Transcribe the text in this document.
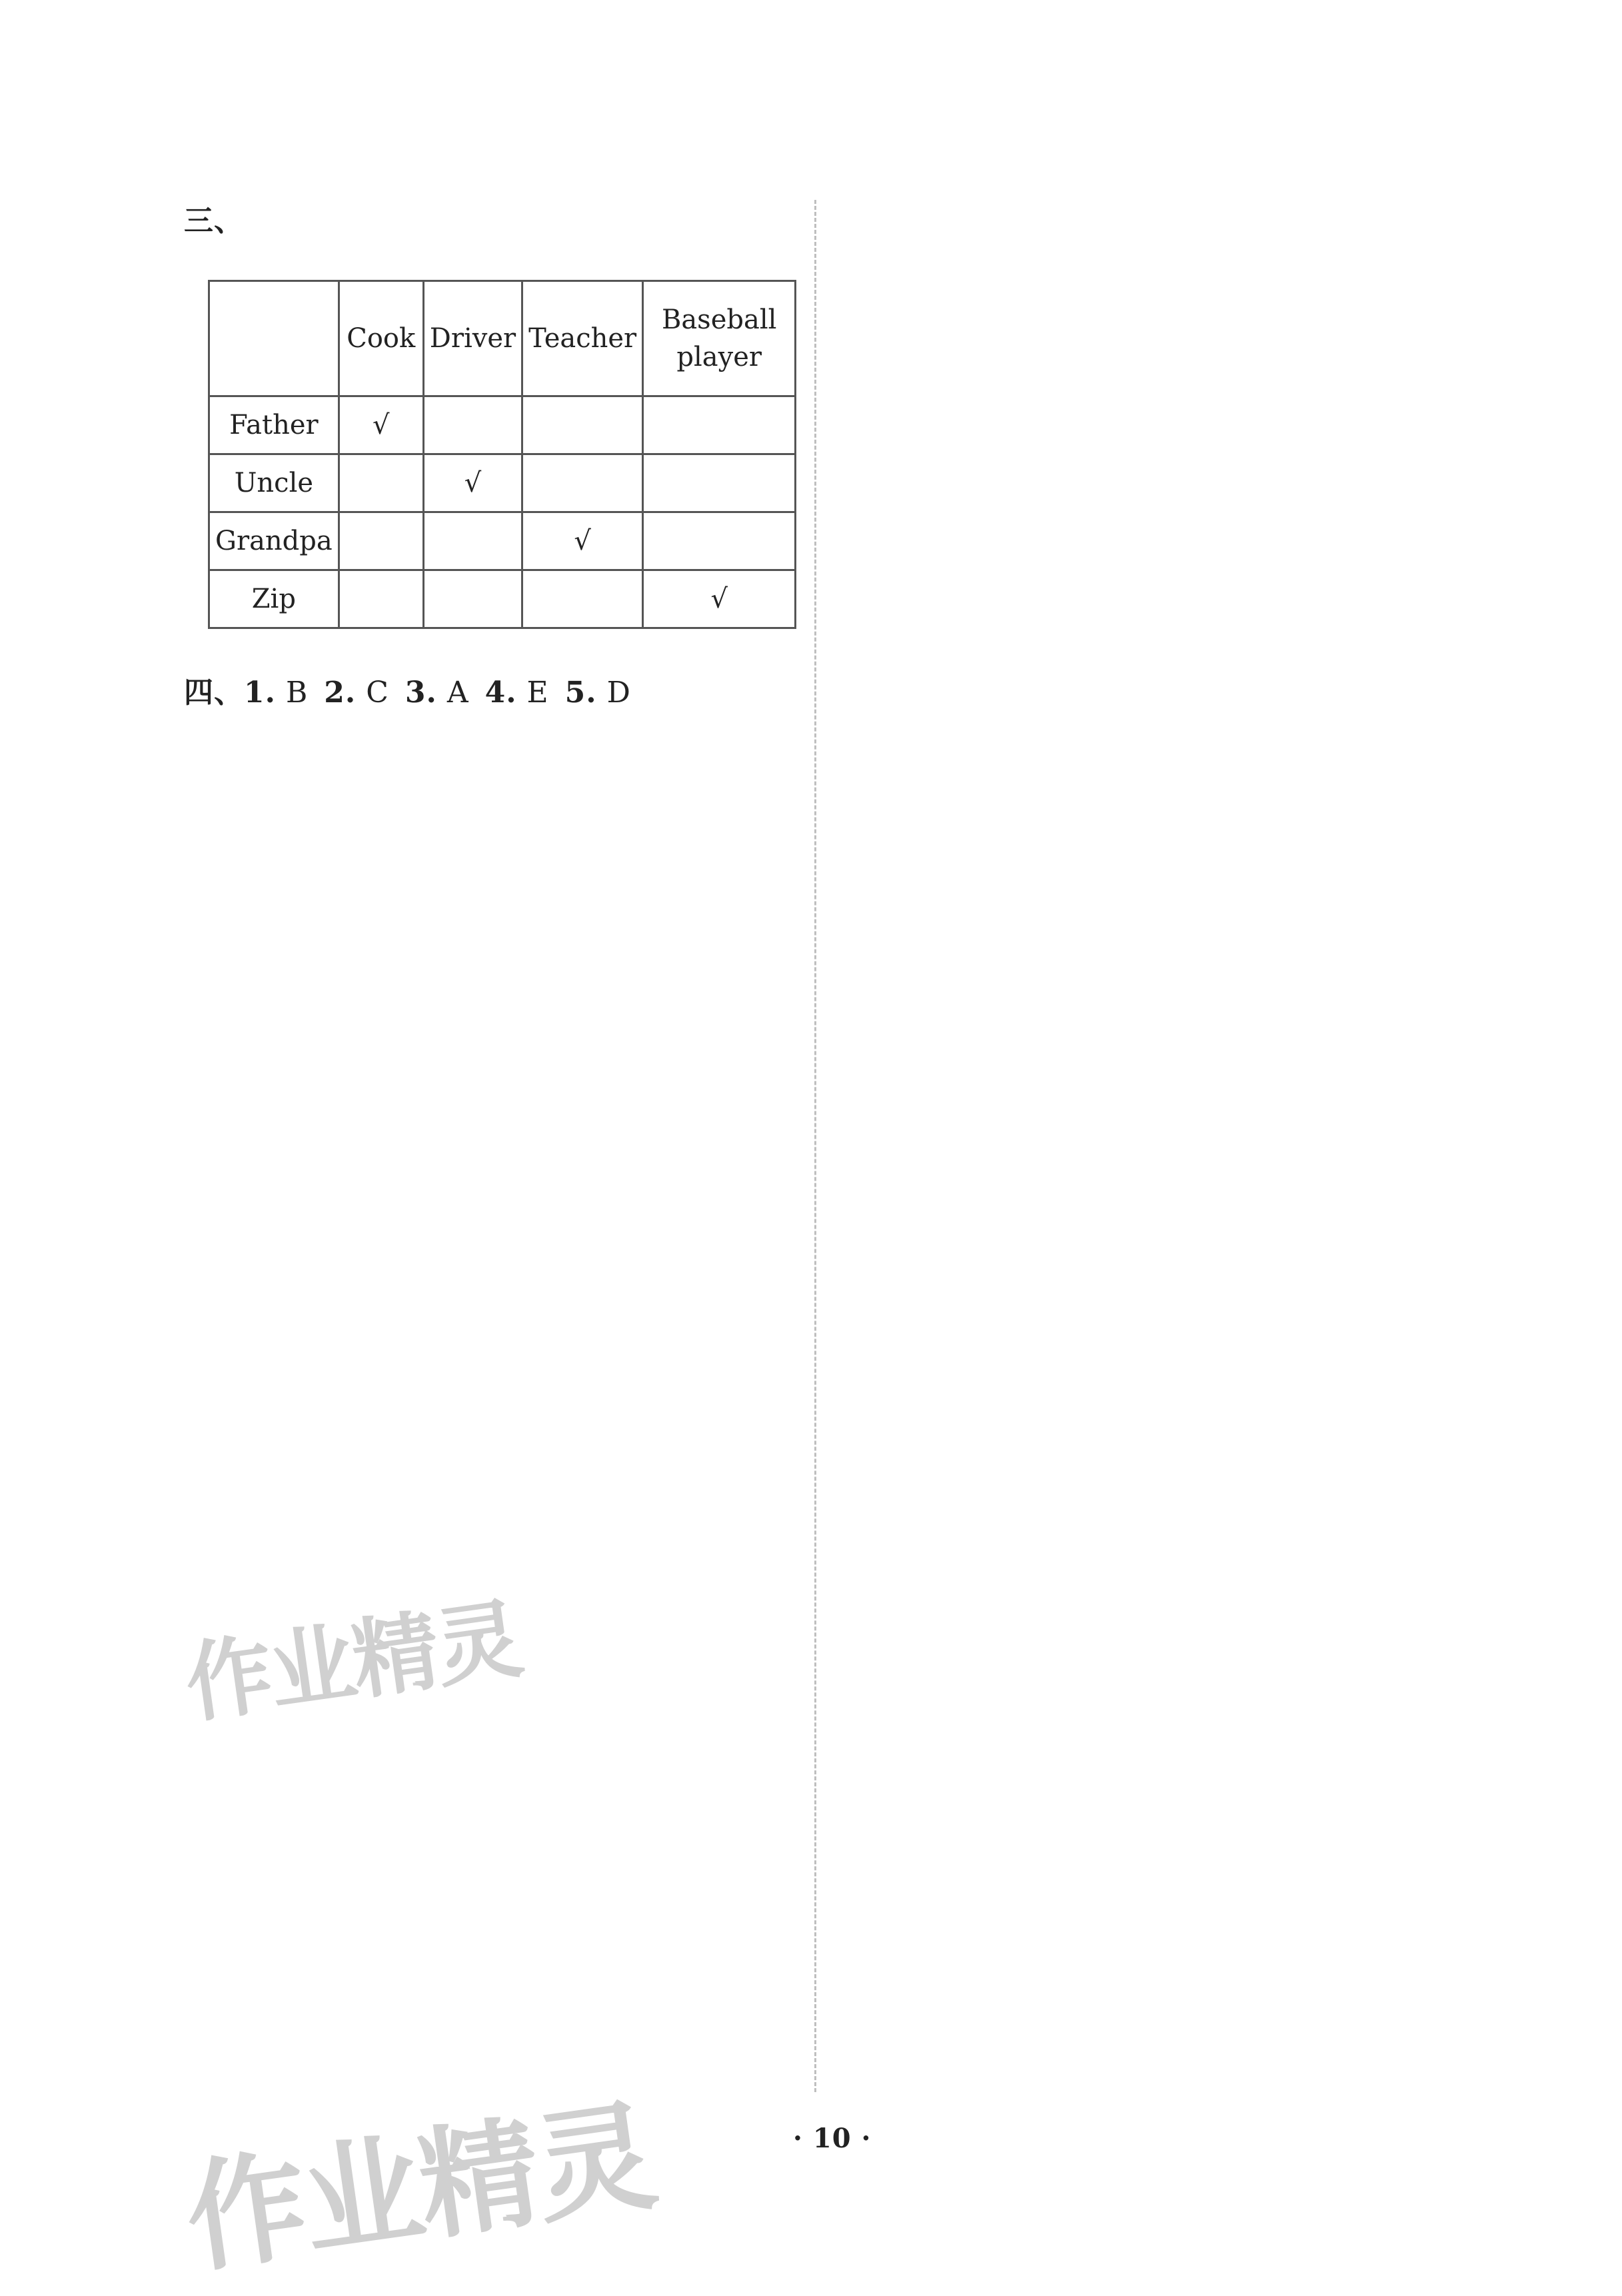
三、
	Cook	Driver	Teacher	Baseball player
Father	√			
Uncle		√		
Grandpa			√	
Zip				√
四、1. B 2. C 3. A 4. E 5. D
作业精灵
作业精灵	· 10 ·
